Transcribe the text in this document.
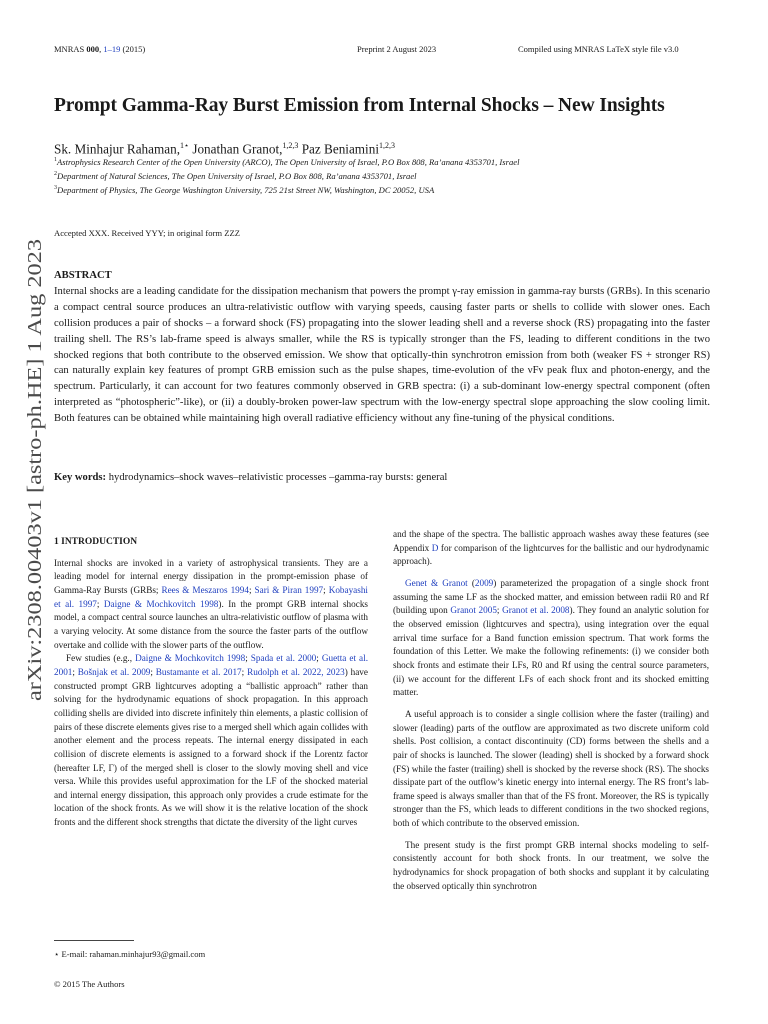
MNRAS 000, 1–19 (2015)	Preprint 2 August 2023	Compiled using MNRAS LaTeX style file v3.0
arXiv:2308.00403v1 [astro-ph.HE] 1 Aug 2023
Prompt Gamma-Ray Burst Emission from Internal Shocks – New Insights
Sk. Minhajur Rahaman,$^{1⋆}$ Jonathan Granot,$^{1,2,3}$ Paz Beniamini$^{1,2,3}$
$^1$Astrophysics Research Center of the Open University (ARCO), The Open University of Israel, P.O Box 808, Ra’anana 4353701, Israel
$^2$Department of Natural Sciences, The Open University of Israel, P.O Box 808, Ra’anana 4353701, Israel
$^3$Department of Physics, The George Washington University, 725 21st Street NW, Washington, DC 20052, USA
Accepted XXX. Received YYY; in original form ZZZ
ABSTRACT
Internal shocks are a leading candidate for the dissipation mechanism that powers the prompt γ-ray emission in gamma-ray bursts (GRBs). In this scenario a compact central source produces an ultra-relativistic outflow with varying speeds, causing faster parts or shells to collide with slower ones. Each collision produces a pair of shocks – a forward shock (FS) propagating into the slower leading shell and a reverse shock (RS) propagating into the faster trailing shell. The RS’s lab-frame speed is always smaller, while the RS is typically stronger than the FS, leading to different conditions in the two shocked regions that both contribute to the observed emission. We show that optically-thin synchrotron emission from both (weaker FS + stronger RS) can naturally explain key features of prompt GRB emission such as the pulse shapes, time-evolution of the νFν peak flux and photon-energy, and the spectrum. Particularly, it can account for two features commonly observed in GRB spectra: (i) a sub-dominant low-energy spectral component (often interpreted as “photospheric”-like), or (ii) a doubly-broken power-law spectrum with the low-energy spectral slope approaching the slow cooling limit. Both features can be obtained while maintaining high overall radiative efficiency without any fine-tuning of the physical conditions.
Key words: hydrodynamics–shock waves–relativistic processes –gamma-ray bursts: general

1 INTRODUCTION

Internal shocks are invoked in a variety of astrophysical transients. They are a leading model for internal energy dissipation in the prompt-emission phase of Gamma-Ray Bursts (GRBs; Rees & Meszaros 1994; Sari & Piran 1997; Kobayashi et al. 1997; Daigne & Mochkovitch 1998). In the prompt GRB internal shocks model, a compact central source launches an ultra-relativistic outflow of plasma with a varying velocity. At some distance from the source the faster parts of the outflow overtake and collide with the slower parts of the outflow.

Few studies (e.g., Daigne & Mochkovitch 1998; Spada et al. 2000; Guetta et al. 2001; Bošnjak et al. 2009; Bustamante et al. 2017; Rudolph et al. 2022, 2023) have constructed prompt GRB lightcurves adopting a “ballistic approach” rather than solving for the hydrodynamic equations of shock propagation. In this approach colliding shells are divided into discrete infinitely thin elements, a plastic collision of pairs of these discrete elements gives rise to a merged shell which again collides with another element and the process repeats. The internal energy dissipated in each collision of discrete elements is assigned to a forward shock if the Lorentz factor (hereafter LF, Γ) of the merged shell is closer to the slowly moving shell and vice versa. While this provides useful approximation for the LF of the shocked material and internal energy dissipation, this approach only provides a crude estimate for the location of the shock fronts. As we will show it is the relative location of the shock fronts and the different shock strengths that dictate the diversity of the light curves

and the shape of the spectra. The ballistic approach washes away these features (see Appendix D for comparison of the lightcurves for the ballistic and our hydrodynamic approach).

Genet & Granot (2009) parameterized the propagation of a single shock front assuming the same LF as the shocked matter, and emission between radii R0 and Rf (building upon Granot 2005; Granot et al. 2008). They found an analytic solution for the observed emission (lightcurves and spectra), using integration over the equal arrival time surface for a Band function emission spectrum. That work forms the foundation of this Letter. We make the following refinements: (i) we consider both shock fronts and estimate their LFs, R0 and Rf using the central source parameters, (ii) we account for the different LFs of each shock front and its shocked emitting matter.

A useful approach is to consider a single collision where the faster (trailing) and slower (leading) parts of the outflow are approximated as two discrete uniform cold shells. Post collision, a contact discontinuity (CD) forms between the shells and a pair of shocks is launched. The slower (leading) shell is shocked by a forward shock (FS) while the faster (trailing) shell is shocked by the reverse shock (RS). The shocks dissipate part of the outflow’s kinetic energy into internal energy. The RS front’s lab-frame speed is always smaller than that of the FS front. Moreover, the RS is typically stronger than the FS, which leads to different conditions in the two shocked regions, both of which contribute to the observed emission.

The present study is the first prompt GRB internal shocks modeling to self-consistently account for both shock fronts. In our treatment, we solve the hydrodynamics for shock propagation of both shocks and supplant it by calculating the observed optically thin synchrotron

⋆ E-mail: rahaman.minhajur93@gmail.com
© 2015 The Authors
